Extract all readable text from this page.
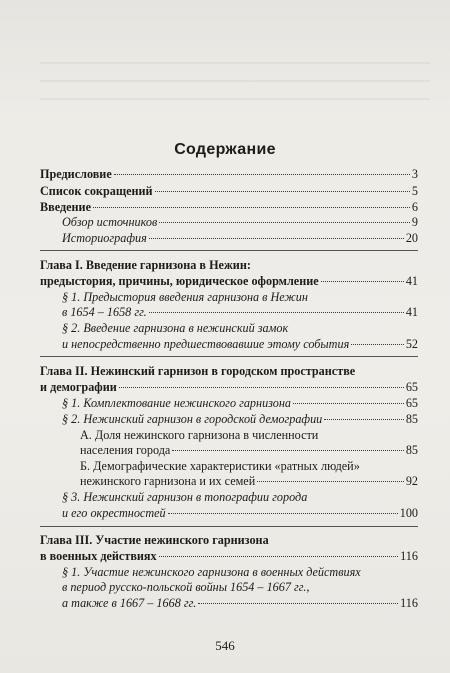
Содержание
Предисловие	3
Список сокращений	5
Введение	6
Обзор источников	9
Историография	20
Глава I. Введение гарнизона в Нежин:
предыстория, причины, юридическое оформление	41
§ 1. Предыстория введения гарнизона в Нежин
в 1654 – 1658 гг.	41
§ 2. Введение гарнизона в нежинский замок
и непосредственно предшествовавшие этому события	52
Глава II. Нежинский гарнизон в городском пространстве
и демографии	65
§ 1. Комплектование нежинского гарнизона	65
§ 2. Нежинский гарнизон в городской демографии	85
А. Доля нежинского гарнизона в численности
населения города	85
Б. Демографические характеристики «ратных людей»
нежинского гарнизона и их семей	92
§ 3. Нежинский гарнизон в топографии города
и его окрестностей	100
Глава III. Участие нежинского гарнизона
в военных действиях	116
§ 1. Участие нежинского гарнизона в военных действиях
в период русско-польской войны 1654 – 1667 гг.,
а также в 1667 – 1668 гг.	116
546
